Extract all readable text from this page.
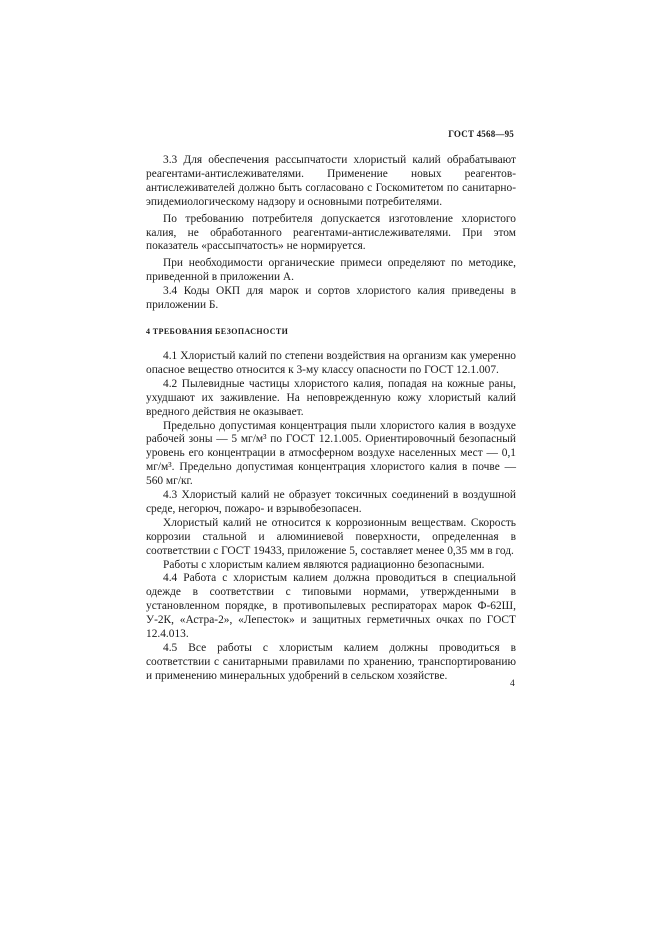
ГОСТ 4568—95

3.3 Для обеспечения рассыпчатости хлористый калий обрабатывают реагентами-антислеживателями. Применение новых реагентов-антислеживателей должно быть согласовано с Госкомитетом по санитарно-эпидемиологическому надзору и основными потребителями.

По требованию потребителя допускается изготовление хлористого калия, не обработанного реагентами-антислеживателями. При этом показатель «рассыпчатость» не нормируется.

При необходимости органические примеси определяют по методике, приведенной в приложении А.

3.4 Коды ОКП для марок и сортов хлористого калия приведены в приложении Б.

4 ТРЕБОВАНИЯ БЕЗОПАСНОСТИ

4.1 Хлористый калий по степени воздействия на организм как умеренно опасное вещество относится к 3-му классу опасности по ГОСТ 12.1.007.

4.2 Пылевидные частицы хлористого калия, попадая на кожные раны, ухудшают их заживление. На неповрежденную кожу хлористый калий вредного действия не оказывает.

Предельно допустимая концентрация пыли хлористого калия в воздухе рабочей зоны — 5 мг/м³ по ГОСТ 12.1.005. Ориентировочный безопасный уровень его концентрации в атмосферном воздухе населенных мест — 0,1 мг/м³. Предельно допустимая концентрация хлористого калия в почве — 560 мг/кг.

4.3 Хлористый калий не образует токсичных соединений в воздушной среде, негорюч, пожаро- и взрывобезопасен.

Хлористый калий не относится к коррозионным веществам. Скорость коррозии стальной и алюминиевой поверхности, определенная в соответствии с ГОСТ 19433, приложение 5, составляет менее 0,35 мм в год.

Работы с хлористым калием являются радиационно безопасными.

4.4 Работа с хлористым калием должна проводиться в специальной одежде в соответствии с типовыми нормами, утвержденными в установленном порядке, в противопылевых респираторах марок Ф-62Ш, У-2К, «Астра-2», «Лепесток» и защитных герметичных очках по ГОСТ 12.4.013.

4.5 Все работы с хлористым калием должны проводиться в соответствии с санитарными правилами по хранению, транспортированию и применению минеральных удобрений в сельском хозяйстве.

4
